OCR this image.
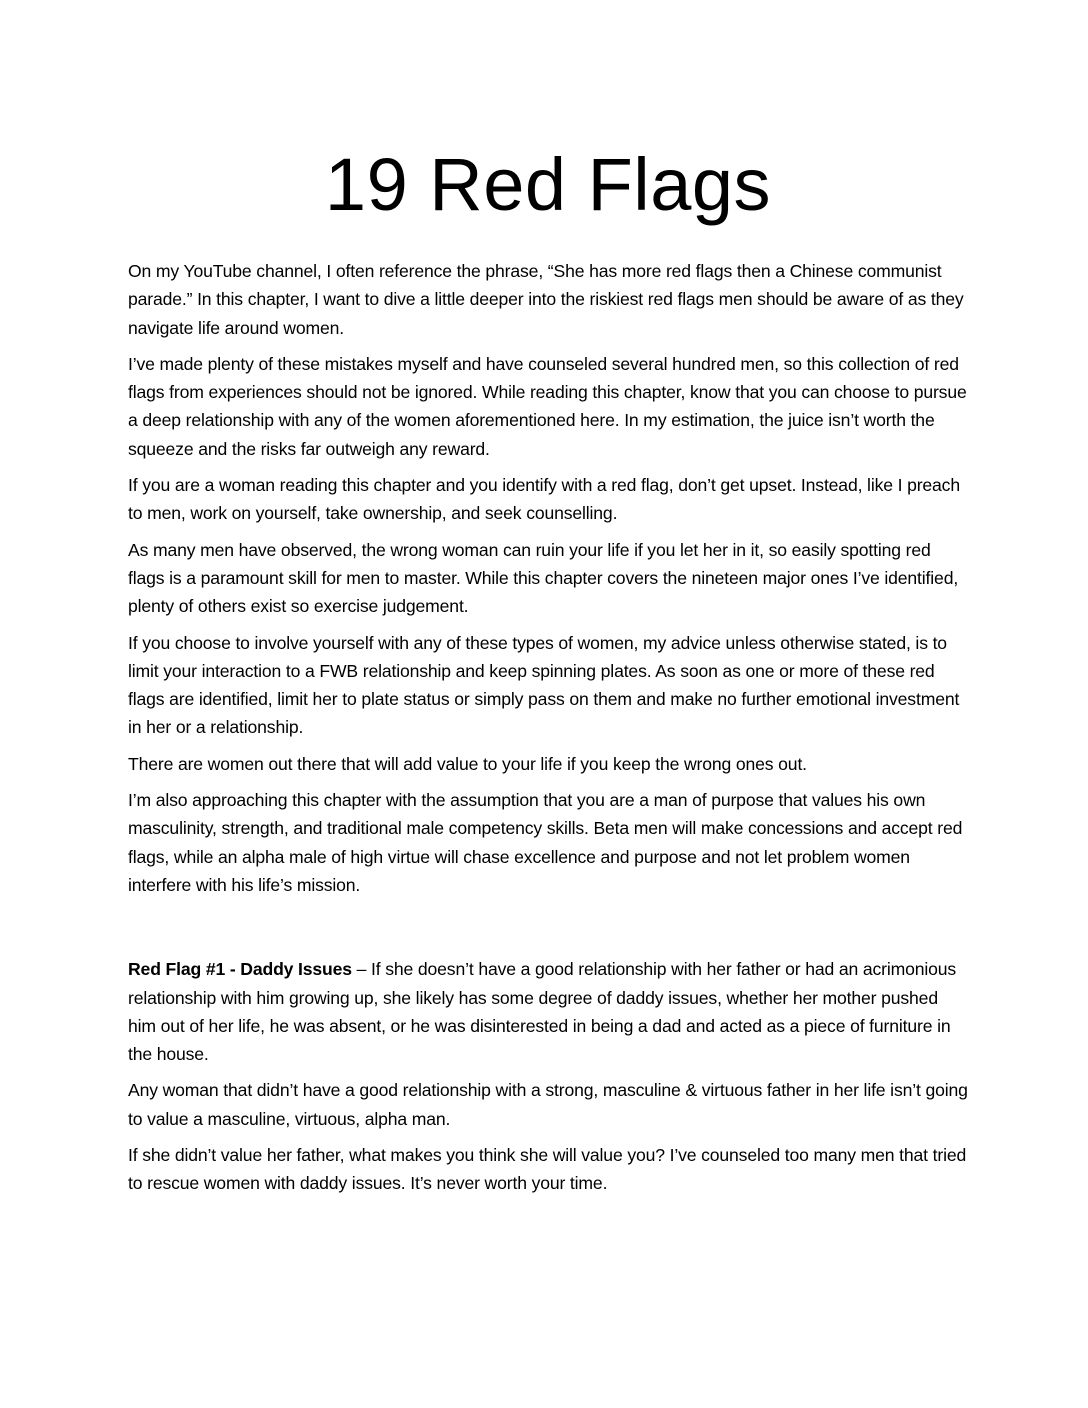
19 Red Flags

On my YouTube channel, I often reference the phrase, “She has more red flags then a Chinese communist parade.” In this chapter, I want to dive a little deeper into the riskiest red flags men should be aware of as they navigate life around women.

I’ve made plenty of these mistakes myself and have counseled several hundred men, so this collection of red flags from experiences should not be ignored. While reading this chapter, know that you can choose to pursue a deep relationship with any of the women aforementioned here. In my estimation, the juice isn’t worth the squeeze and the risks far outweigh any reward.

If you are a woman reading this chapter and you identify with a red flag, don’t get upset. Instead, like I preach to men, work on yourself, take ownership, and seek counselling.

As many men have observed, the wrong woman can ruin your life if you let her in it, so easily spotting red flags is a paramount skill for men to master. While this chapter covers the nineteen major ones I’ve identified, plenty of others exist so exercise judgement.

If you choose to involve yourself with any of these types of women, my advice unless otherwise stated, is to limit your interaction to a FWB relationship and keep spinning plates. As soon as one or more of these red flags are identified, limit her to plate status or simply pass on them and make no further emotional investment in her or a relationship.

There are women out there that will add value to your life if you keep the wrong ones out.

I’m also approaching this chapter with the assumption that you are a man of purpose that values his own masculinity, strength, and traditional male competency skills. Beta men will make concessions and accept red flags, while an alpha male of high virtue will chase excellence and purpose and not let problem women interfere with his life’s mission.

Red Flag #1 - Daddy Issues – If she doesn’t have a good relationship with her father or had an acrimonious relationship with him growing up, she likely has some degree of daddy issues, whether her mother pushed him out of her life, he was absent, or he was disinterested in being a dad and acted as a piece of furniture in the house.

Any woman that didn’t have a good relationship with a strong, masculine & virtuous father in her life isn’t going to value a masculine, virtuous, alpha man.

If she didn’t value her father, what makes you think she will value you? I’ve counseled too many men that tried to rescue women with daddy issues. It’s never worth your time.
